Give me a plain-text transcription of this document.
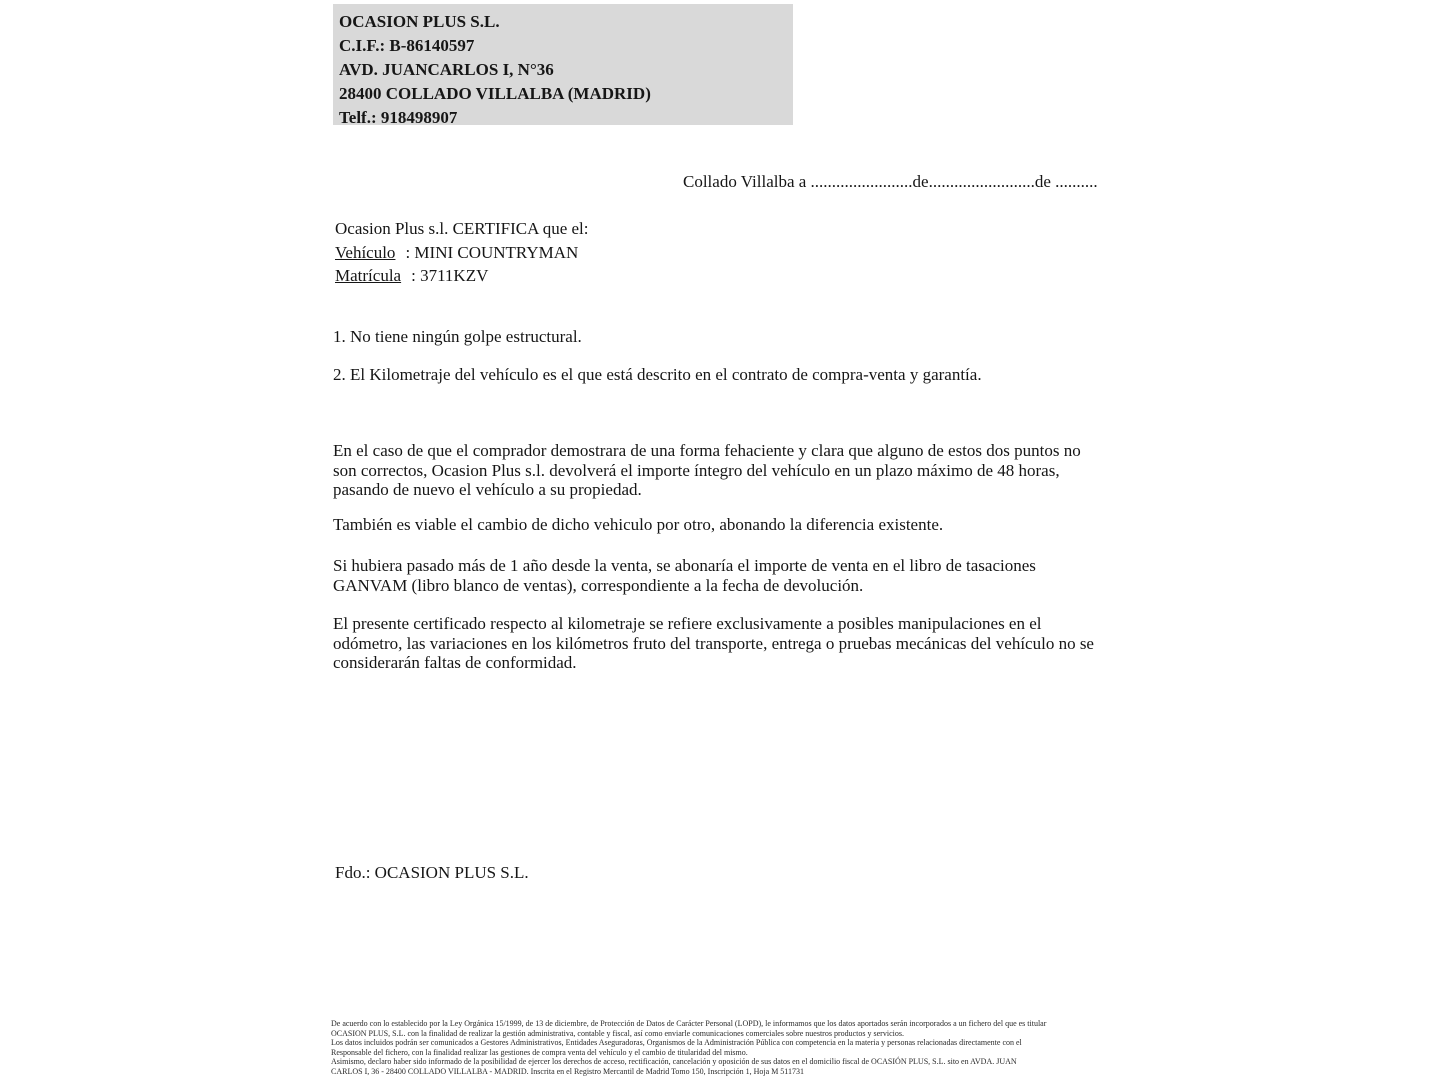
OCASION PLUS S.L.
C.I.F.: B-86140597
AVD. JUANCARLOS I, N°36
28400 COLLADO VILLALBA (MADRID)
Telf.: 918498907
Collado Villalba a ........................de.........................de ..........
Ocasion Plus s.l. CERTIFICA que el:
Vehículo : MINI COUNTRYMAN
Matrícula : 3711KZV
1. No tiene ningún golpe estructural.
2. El Kilometraje del vehículo es el que está descrito en el contrato de compra-venta y garantía.
En el caso de que el comprador demostrara de una forma fehaciente y clara que alguno de estos dos puntos no son correctos, Ocasion Plus s.l. devolverá el importe íntegro del vehículo en un plazo máximo de 48 horas, pasando de nuevo el vehículo a su propiedad.
También es viable el cambio de dicho vehiculo por otro, abonando la diferencia existente.
Si hubiera pasado más de 1 año desde la venta, se abonaría el importe de venta en el libro de tasaciones GANVAM (libro blanco de ventas), correspondiente a la fecha de devolución.
El presente certificado respecto al kilometraje se refiere exclusivamente a posibles manipulaciones en el odómetro, las variaciones en los kilómetros fruto del transporte, entrega o pruebas mecánicas del vehículo no se considerarán faltas de conformidad.
Fdo.: OCASION PLUS S.L.
De acuerdo con lo establecido por la Ley Orgánica 15/1999, de 13 de diciembre, de Protección de Datos de Carácter Personal (LOPD), le informamos que los datos aportados serán incorporados a un fichero del que es titular
OCASION PLUS, S.L. con la finalidad de realizar la gestión administrativa, contable y fiscal, así como enviarle comunicaciones comerciales sobre nuestros productos y servicios.
Los datos incluidos podrán ser comunicados a Gestores Administrativos, Entidades Aseguradoras, Organismos de la Administración Pública con competencia en la materia y personas relacionadas directamente con el
Responsable del fichero, con la finalidad realizar las gestiones de compra venta del vehículo y el cambio de titularidad del mismo.
Asimismo, declaro haber sido informado de la posibilidad de ejercer los derechos de acceso, rectificación, cancelación y oposición de sus datos en el domicilio fiscal de OCASIÓN PLUS, S.L. sito en AVDA. JUAN
CARLOS I, 36 - 28400 COLLADO VILLALBA - MADRID. Inscrita en el Registro Mercantil de Madrid Tomo 150, Inscripción 1, Hoja M 511731
